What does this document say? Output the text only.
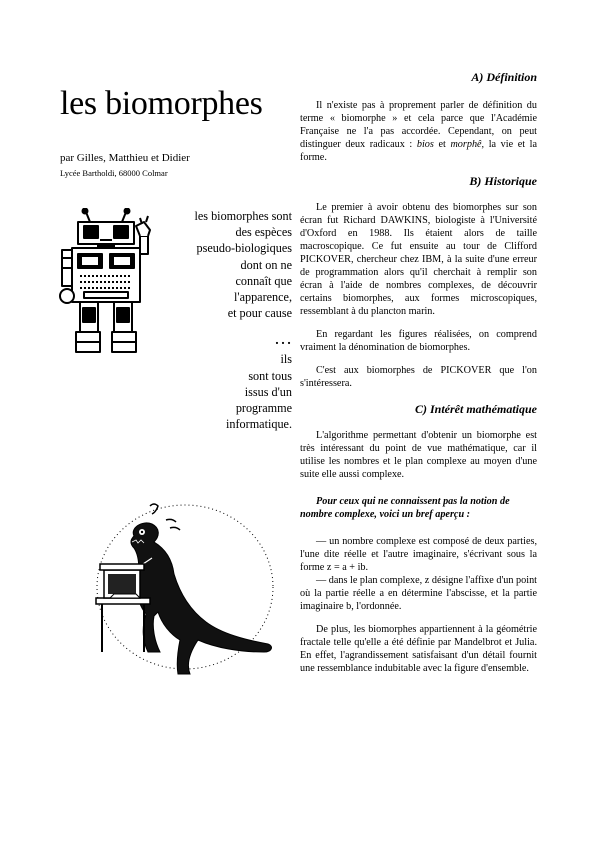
les biomorphes
par Gilles, Matthieu et Didier
Lycée Bartholdi, 68000 Colmar
les biomorphes sont
des espèces
pseudo-biologiques
dont on ne
connaît que
l'apparence,
et pour cause
…
ils
sont tous
issus d'un
programme
informatique.
A) Définition

Il n'existe pas à proprement parler de définition du terme « biomorphe » et cela parce que l'Académie Française ne l'a pas accordée. Cependant, on peut distinguer deux radicaux : bios et morphê, la vie et la forme.

B) Historique

Le premier à avoir obtenu des biomorphes sur son écran fut Richard DAWKINS, biologiste à l'Université d'Oxford en 1988. Ils étaient alors de taille macroscopique. Ce fut ensuite au tour de Clifford PICKOVER, chercheur chez IBM, à la suite d'une erreur de programmation alors qu'il cherchait à remplir son écran à l'aide de nombres complexes, de découvrir certains biomorphes, aux formes microscopiques, ressemblant à du plancton marin.

En regardant les figures réalisées, on comprend vraiment la dénomination de biomorphes.

C'est aux biomorphes de PICKOVER que l'on s'intéressera.

C) Intérêt mathématique

L'algorithme permettant d'obtenir un biomorphe est très intéressant du point de vue mathématique, car il utilise les nombres et le plan complexe au moyen d'une suite elle aussi complexe.

Pour ceux qui ne connaissent pas la notion de nombre complexe, voici un bref aperçu :

— un nombre complexe est composé de deux parties, l'une dite réelle et l'autre imaginaire, s'écrivant sous la forme z = a + ib.

— dans le plan complexe, z désigne l'affixe d'un point où la partie réelle a en détermine l'abscisse, et la partie imaginaire b, l'ordonnée.

De plus, les biomorphes appartiennent à la géométrie fractale telle qu'elle a été définie par Mandelbrot et Julia. En effet, l'agrandissement satisfaisant d'un détail fournit une ressemblance indubitable avec la figure d'ensemble.
